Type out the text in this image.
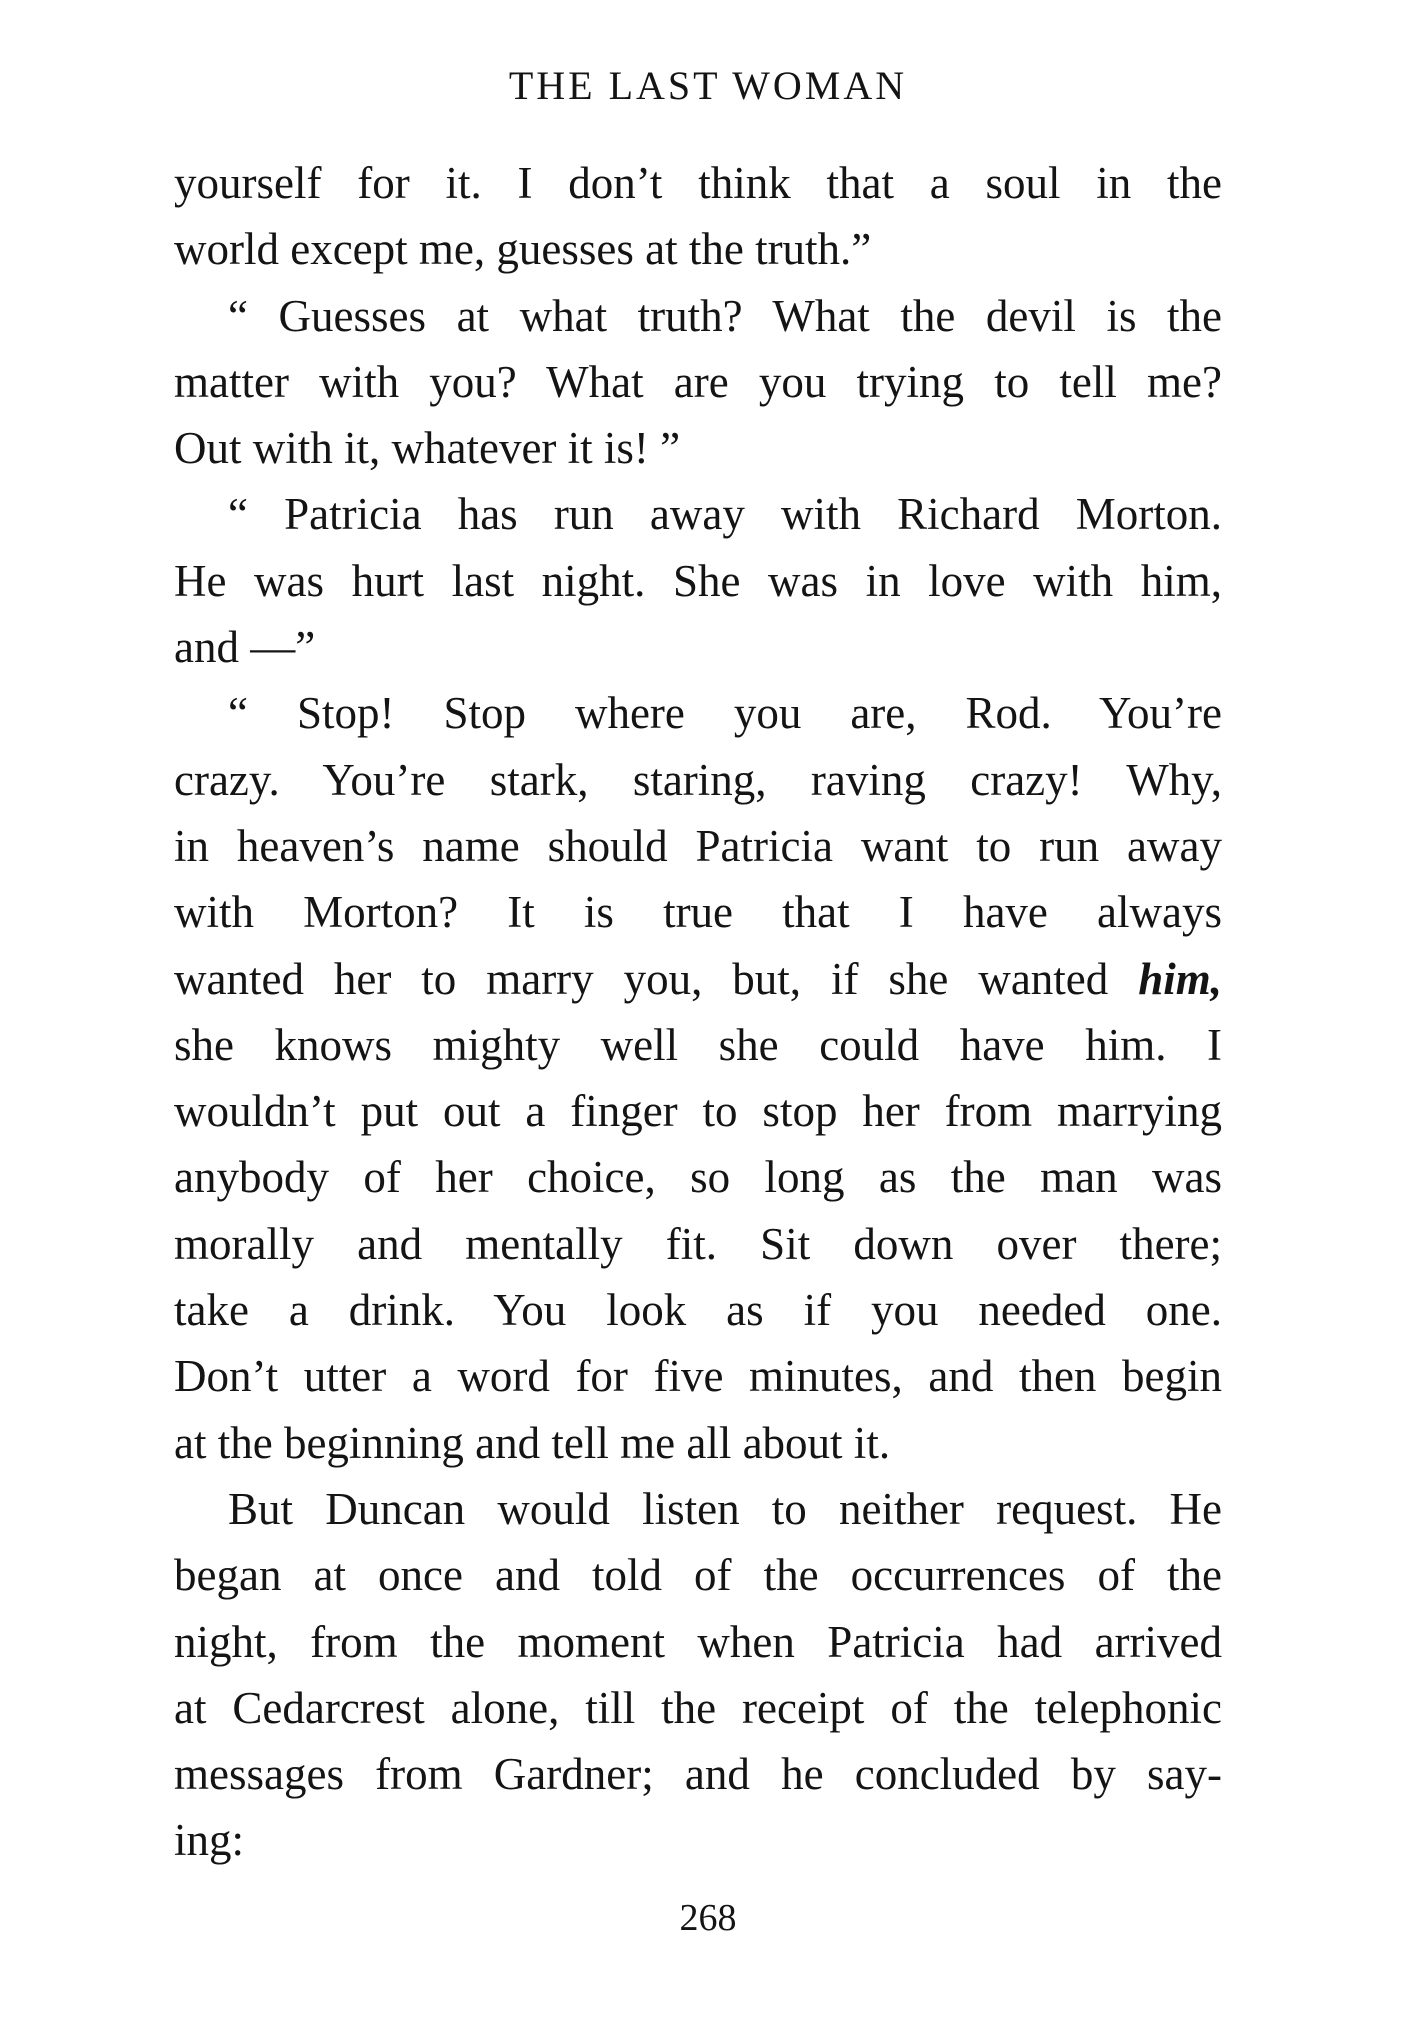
THE LAST WOMAN
yourself for it. I don’t think that a soul in the
world except me, guesses at the truth.”
“ Guesses at what truth? What the devil is the
matter with you? What are you trying to tell me?
Out with it, whatever it is! ”
“ Patricia has run away with Richard Morton.
He was hurt last night. She was in love with him,
and —”
“ Stop! Stop where you are, Rod. You’re
crazy. You’re stark, staring, raving crazy! Why,
in heaven’s name should Patricia want to run away
with Morton? It is true that I have always
wanted her to marry you, but, if she wanted him,
she knows mighty well she could have him. I
wouldn’t put out a finger to stop her from marrying
anybody of her choice, so long as the man was
morally and mentally fit. Sit down over there;
take a drink. You look as if you needed one.
Don’t utter a word for five minutes, and then begin
at the beginning and tell me all about it.
But Duncan would listen to neither request. He
began at once and told of the occurrences of the
night, from the moment when Patricia had arrived
at Cedarcrest alone, till the receipt of the telephonic
messages from Gardner; and he concluded by say-
ing:
268
